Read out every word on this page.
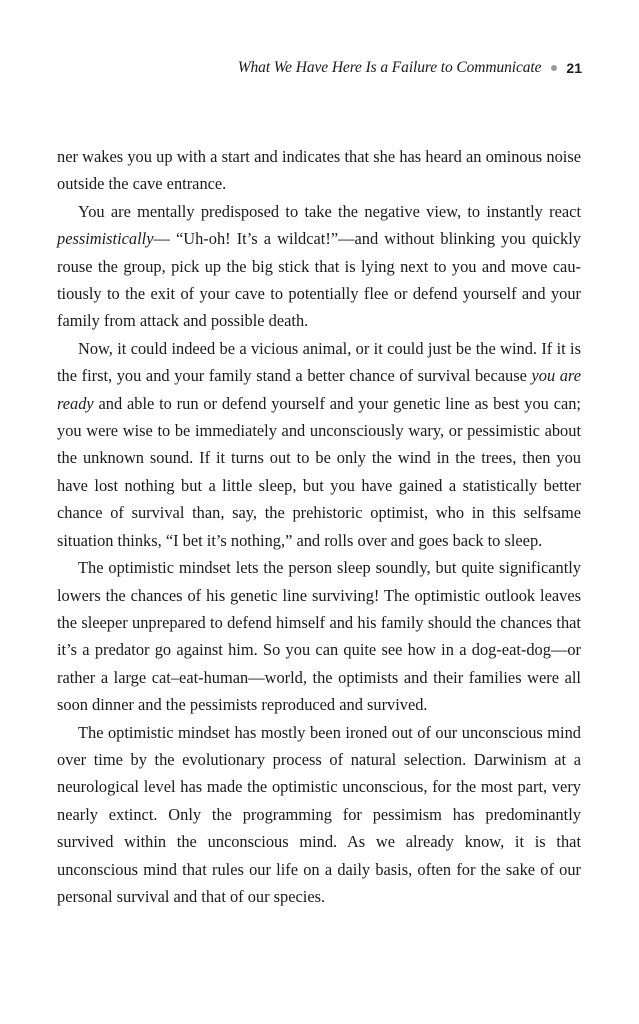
What We Have Here Is a Failure to Communicate 21

ner wakes you up with a start and indicates that she has heard an ominous noise outside the cave entrance.

You are mentally predisposed to take the negative view, to instantly react pessimistically— “Uh-oh! It’s a wildcat!”—and without blinking you quickly rouse the group, pick up the big stick that is lying next to you and move cautiously to the exit of your cave to potentially flee or defend yourself and your family from attack and possible death.

Now, it could indeed be a vicious animal, or it could just be the wind. If it is the first, you and your family stand a better chance of survival because you are ready and able to run or defend yourself and your genetic line as best you can; you were wise to be immediately and unconsciously wary, or pessimistic about the unknown sound. If it turns out to be only the wind in the trees, then you have lost nothing but a little sleep, but you have gained a statistically better chance of survival than, say, the prehistoric optimist, who in this selfsame situation thinks, “I bet it’s nothing,” and rolls over and goes back to sleep.

The optimistic mindset lets the person sleep soundly, but quite significantly lowers the chances of his genetic line surviving! The optimistic outlook leaves the sleeper unprepared to defend himself and his family should the chances that it’s a predator go against him. So you can quite see how in a dog-eat-dog—or rather a large cat–eat-human—world, the optimists and their families were all soon dinner and the pessimists reproduced and survived.

The optimistic mindset has mostly been ironed out of our unconscious mind over time by the evolutionary process of natural selection. Darwinism at a neurological level has made the optimistic unconscious, for the most part, very nearly extinct. Only the programming for pessimism has predominantly survived within the unconscious mind. As we already know, it is that unconscious mind that rules our life on a daily basis, often for the sake of our personal survival and that of our species.
